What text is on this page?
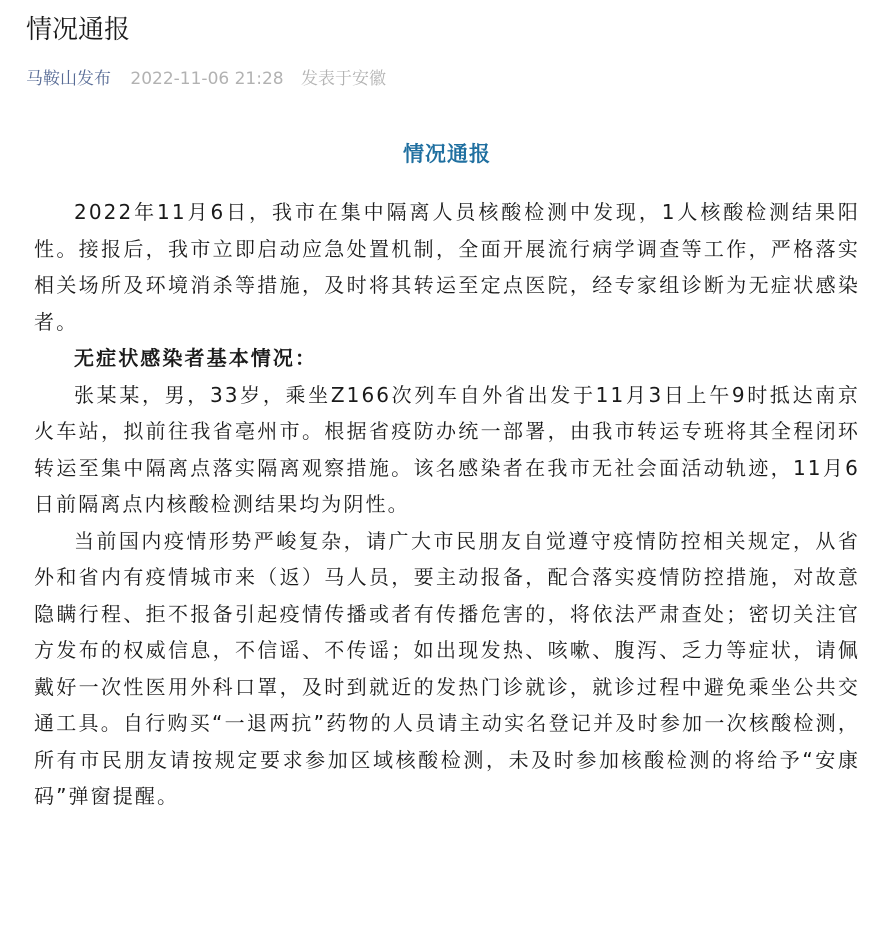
情况通报
马鞍山发布 2022-11-06 21:28 发表于安徽
情况通报

2022年11月6日，我市在集中隔离人员核酸检测中发现，1人核酸检测结果阳性。接报后，我市立即启动应急处置机制，全面开展流行病学调查等工作，严格落实相关场所及环境消杀等措施，及时将其转运至定点医院，经专家组诊断为无症状感染者。

无症状感染者基本情况：

张某某，男，33岁，乘坐Z166次列车自外省出发于11月3日上午9时抵达南京火车站，拟前往我省亳州市。根据省疫防办统一部署，由我市转运专班将其全程闭环转运至集中隔离点落实隔离观察措施。该名感染者在我市无社会面活动轨迹，11月6日前隔离点内核酸检测结果均为阴性。

当前国内疫情形势严峻复杂，请广大市民朋友自觉遵守疫情防控相关规定，从省外和省内有疫情城市来（返）马人员，要主动报备，配合落实疫情防控措施，对故意隐瞒行程、拒不报备引起疫情传播或者有传播危害的，将依法严肃查处；密切关注官方发布的权威信息，不信谣、不传谣；如出现发热、咳嗽、腹泻、乏力等症状，请佩戴好一次性医用外科口罩，及时到就近的发热门诊就诊，就诊过程中避免乘坐公共交通工具。自行购买“一退两抗”药物的人员请主动实名登记并及时参加一次核酸检测，所有市民朋友请按规定要求参加区域核酸检测，未及时参加核酸检测的将给予“安康码”弹窗提醒。
